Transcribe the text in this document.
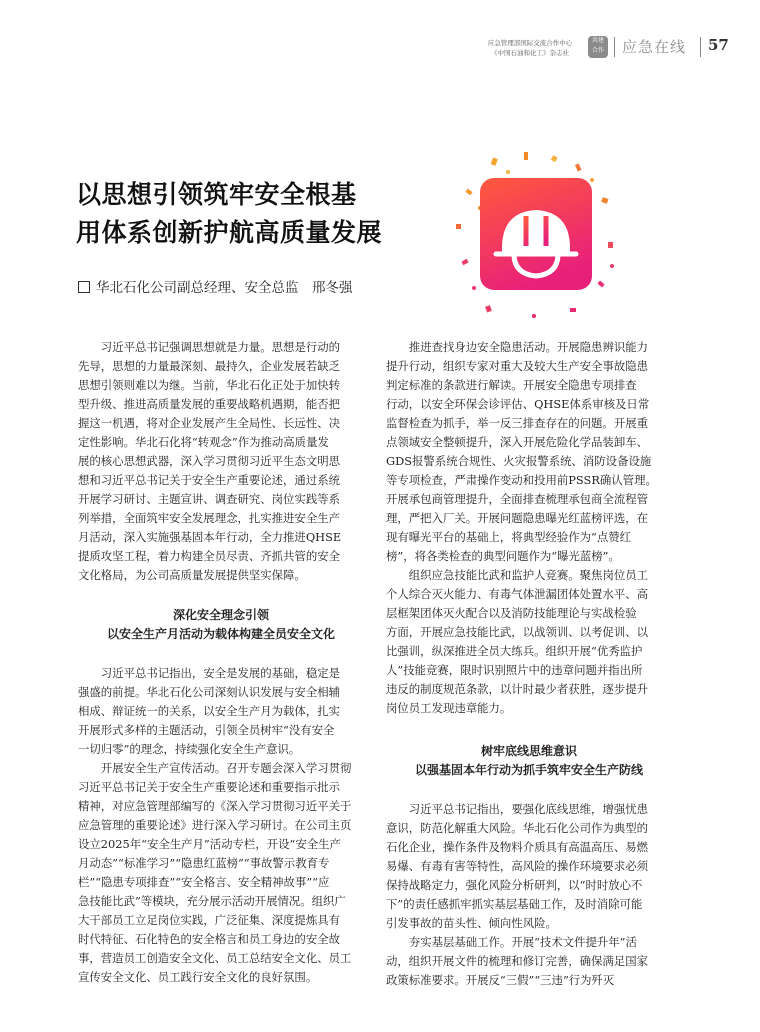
应急管理部国际交流合作中心
《中国石油和化工》杂志社
共建
合作 应急在线 57
以思想引领筑牢安全根基
用体系创新护航高质量发展
华北石化公司副总经理、安全总监　邢冬强
习近平总书记强调思想就是力量。思想是行动的
先导，思想的力量最深刻、最持久，企业发展若缺乏
思想引领则难以为继。当前，华北石化正处于加快转
型升级、推进高质量发展的重要战略机遇期，能否把
握这一机遇，将对企业发展产生全局性、长远性、决
定性影响。华北石化将“转观念”作为推动高质量发
展的核心思想武器，深入学习贯彻习近平生态文明思
想和习近平总书记关于安全生产重要论述，通过系统
开展学习研讨、主题宣讲、调查研究、岗位实践等系
列举措，全面筑牢安全发展理念，扎实推进安全生产
月活动，深入实施强基固本年行动，全力推进QHSE
提质攻坚工程，着力构建全员尽责、齐抓共管的安全
文化格局，为公司高质量发展提供坚实保障。
深化安全理念引领
以安全生产月活动为载体构建全员安全文化
习近平总书记指出，安全是发展的基础，稳定是
强盛的前提。华北石化公司深刻认识发展与安全相辅
相成、辩证统一的关系，以安全生产月为载体，扎实
开展形式多样的主题活动，引领全员树牢“没有安全
一切归零”的理念，持续强化安全生产意识。
开展安全生产宣传活动。召开专题会深入学习贯彻
习近平总书记关于安全生产重要论述和重要指示批示
精神，对应急管理部编写的《深入学习贯彻习近平关于
应急管理的重要论述》进行深入学习研讨。在公司主页
设立2025年“安全生产月”活动专栏，开设“安全生产
月动态”“标准学习”“隐患红蓝榜”“事故警示教育专
栏”“隐患专项排查”“安全格言、安全精神故事”“应
急技能比武”等模块，充分展示活动开展情况。组织广
大干部员工立足岗位实践，广泛征集、深度提炼具有
时代特征、石化特色的安全格言和员工身边的安全故
事，营造员工创造安全文化、员工总结安全文化、员工
宣传安全文化、员工践行安全文化的良好氛围。
推进查找身边安全隐患活动。开展隐患辨识能力
提升行动，组织专家对重大及较大生产安全事故隐患
判定标准的条款进行解读。开展安全隐患专项排查
行动，以安全环保会诊评估、QHSE体系审核及日常
监督检查为抓手，举一反三排查存在的问题。开展重
点领域安全整顿提升，深入开展危险化学品装卸车、
GDS报警系统合规性、火灾报警系统、消防设备设施
等专项检查，严肃操作变动和投用前PSSR确认管理。
开展承包商管理提升，全面排查梳理承包商全流程管
理，严把入厂关。开展问题隐患曝光红蓝榜评选，在
现有曝光平台的基础上，将典型经验作为“点赞红
榜”，将各类检查的典型问题作为“曝光蓝榜”。
组织应急技能比武和监护人竞赛。聚焦岗位员工
个人综合灭火能力、有毒气体泄漏团体处置水平、高
层框架团体灭火配合以及消防技能理论与实战检验
方面，开展应急技能比武，以战领训、以考促训、以
比强训，纵深推进全员大练兵。组织开展“优秀监护
人”技能竞赛，限时识别照片中的违章问题并指出所
违反的制度规范条款，以计时最少者获胜，逐步提升
岗位员工发现违章能力。
树牢底线思维意识
以强基固本年行动为抓手筑牢安全生产防线
习近平总书记指出，要强化底线思维，增强忧患
意识，防范化解重大风险。华北石化公司作为典型的
石化企业，操作条件及物料介质具有高温高压、易燃
易爆、有毒有害等特性，高风险的操作环境要求必须
保持战略定力，强化风险分析研判，以“时时放心不
下”的责任感抓牢抓实基层基础工作，及时消除可能
引发事故的苗头性、倾向性风险。
夯实基层基础工作。开展“技术文件提升年”活
动，组织开展文件的梳理和修订完善，确保满足国家
政策标准要求。开展反“三假”“三违”行为歼灭
